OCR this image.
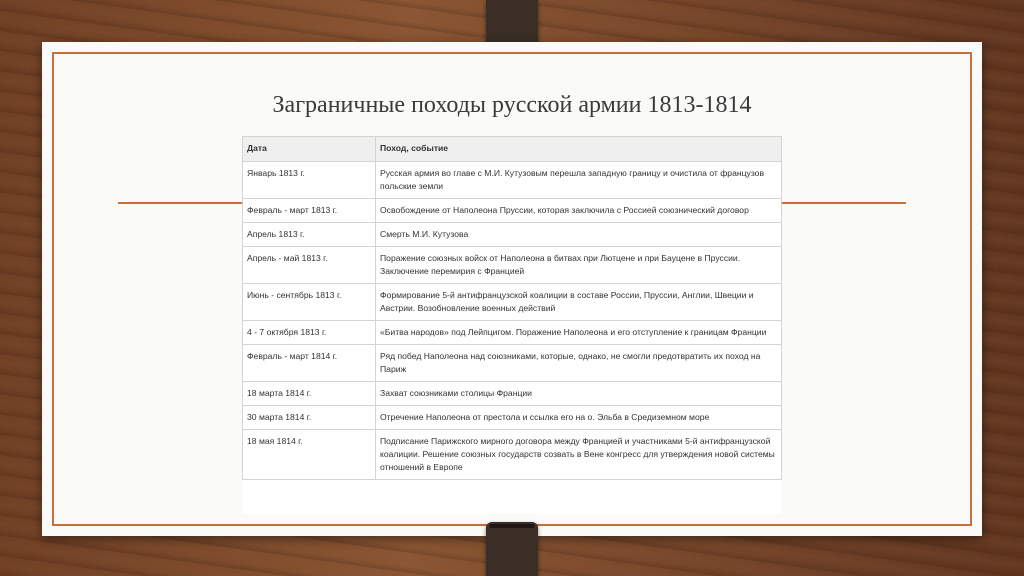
Заграничные походы русской армии 1813-1814
Дата	Поход, событие
Январь 1813 г.	Русская армия во главе с М.И. Кутузовым перешла западную границу и очистила от французов польские земли
Февраль - март 1813 г.	Освобождение от Наполеона Пруссии, которая заключила с Россией союзнический договор
Апрель 1813 г.	Смерть М.И. Кутузова
Апрель - май 1813 г.	Поражение союзных войск от Наполеона в битвах при Лютцене и при Бауцене в Пруссии. Заключение перемирия с Францией
Июнь - сентябрь 1813 г.	Формирование 5-й антифранцузской коалиции в составе России, Пруссии, Англии, Швеции и Австрии. Возобновление военных действий
4 - 7 октября 1813 г.	«Битва народов» под Лейпцигом. Поражение Наполеона и его отступление к границам Франции
Февраль - март 1814 г.	Ряд побед Наполеона над союзниками, которые, однако, не смогли предотвратить их поход на Париж
18 марта 1814 г.	Захват союзниками столицы Франции
30 марта 1814 г.	Отречение Наполеона от престола и ссылка его на о. Эльба в Средиземном море
18 мая 1814 г.	Подписание Парижского мирного договора между Францией и участниками 5-й антифранцузской коалиции. Решение союзных государств созвать в Вене конгресс для утверждения новой системы отношений в Европе
